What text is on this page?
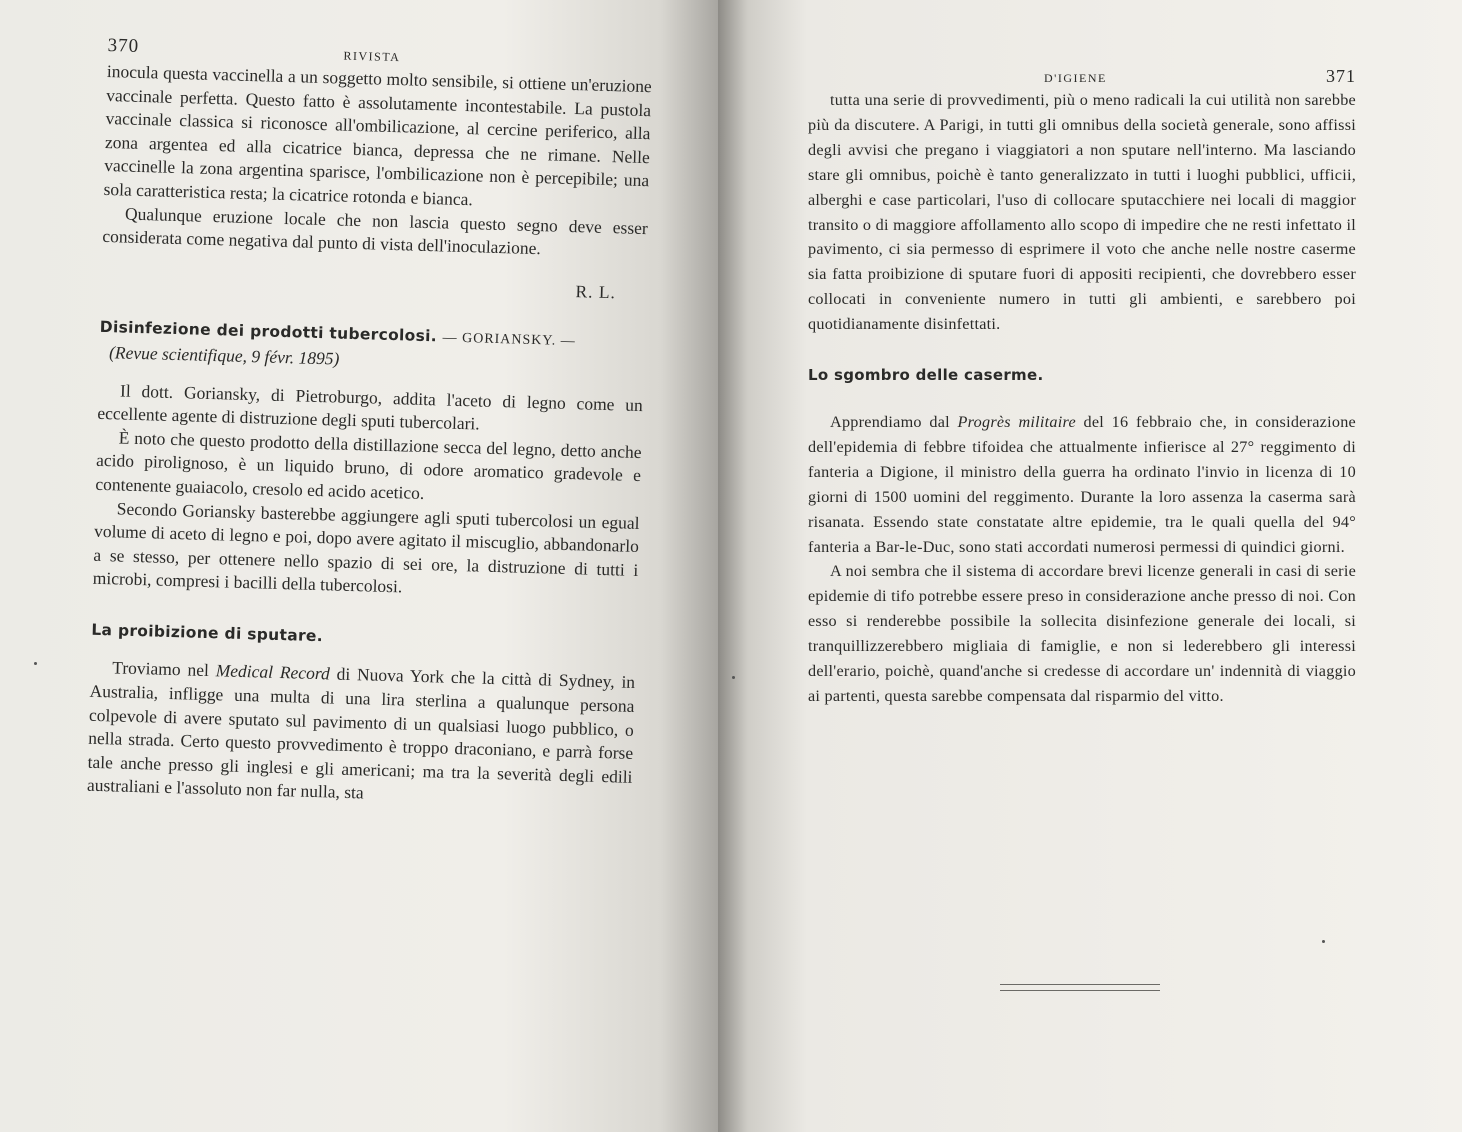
370	RIVISTA

inocula questa vaccinella a un soggetto molto sensibile, si ottiene un'eruzione vaccinale perfetta. Questo fatto è assolutamente incontestabile. La pustola vaccinale classica si riconosce all'ombilicazione, al cercine periferico, alla zona argentea ed alla cicatrice bianca, depressa che ne rimane. Nelle vaccinelle la zona argentina sparisce, l'ombilicazione non è percepibile; una sola caratteristica resta; la cicatrice rotonda e bianca.

Qualunque eruzione locale che non lascia questo segno deve esser considerata come negativa dal punto di vista dell'inoculazione.

R. L.
Disinfezione dei prodotti tubercolosi. — GORIANSKY. —
(Revue scientifique, 9 févr. 1895)

Il dott. Goriansky, di Pietroburgo, addita l'aceto di legno come un eccellente agente di distruzione degli sputi tubercolari.

È noto che questo prodotto della distillazione secca del legno, detto anche acido pirolignoso, è un liquido bruno, di odore aromatico gradevole e contenente guaiacolo, cresolo ed acido acetico.

Secondo Goriansky basterebbe aggiungere agli sputi tubercolosi un egual volume di aceto di legno e poi, dopo avere agitato il miscuglio, abbandonarlo a se stesso, per ottenere nello spazio di sei ore, la distruzione di tutti i microbi, compresi i bacilli della tubercolosi.

La proibizione di sputare.

Troviamo nel Medical Record di Nuova York che la città di Sydney, in Australia, infligge una multa di una lira sterlina a qualunque persona colpevole di avere sputato sul pavimento di un qualsiasi luogo pubblico, o nella strada. Certo questo provvedimento è troppo draconiano, e parrà forse tale anche presso gli inglesi e gli americani; ma tra la severità degli edili australiani e l'assoluto non far nulla, sta

D'IGIENE	371

tutta una serie di provvedimenti, più o meno radicali la cui utilità non sarebbe più da discutere. A Parigi, in tutti gli omnibus della società generale, sono affissi degli avvisi che pregano i viaggiatori a non sputare nell'interno. Ma lasciando stare gli omnibus, poichè è tanto generalizzato in tutti i luoghi pubblici, ufficii, alberghi e case particolari, l'uso di collocare sputacchiere nei locali di maggior transito o di maggiore affollamento allo scopo di impedire che ne resti infettato il pavimento, ci sia permesso di esprimere il voto che anche nelle nostre caserme sia fatta proibizione di sputare fuori di appositi recipienti, che dovrebbero esser collocati in conveniente numero in tutti gli ambienti, e sarebbero poi quotidianamente disinfettati.

Lo sgombro delle caserme.

Apprendiamo dal Progrès militaire del 16 febbraio che, in considerazione dell'epidemia di febbre tifoidea che attualmente infierisce al 27° reggimento di fanteria a Digione, il ministro della guerra ha ordinato l'invio in licenza di 10 giorni di 1500 uomini del reggimento. Durante la loro assenza la caserma sarà risanata. Essendo state constatate altre epidemie, tra le quali quella del 94° fanteria a Bar-le-Duc, sono stati accordati numerosi permessi di quindici giorni.

A noi sembra che il sistema di accordare brevi licenze generali in casi di serie epidemie di tifo potrebbe essere preso in considerazione anche presso di noi. Con esso si renderebbe possibile la sollecita disinfezione generale dei locali, si tranquillizzerebbero migliaia di famiglie, e non si lederebbero gli interessi dell'erario, poichè, quand'anche si credesse di accordare un' indennità di viaggio ai partenti, questa sarebbe compensata dal risparmio del vitto.
